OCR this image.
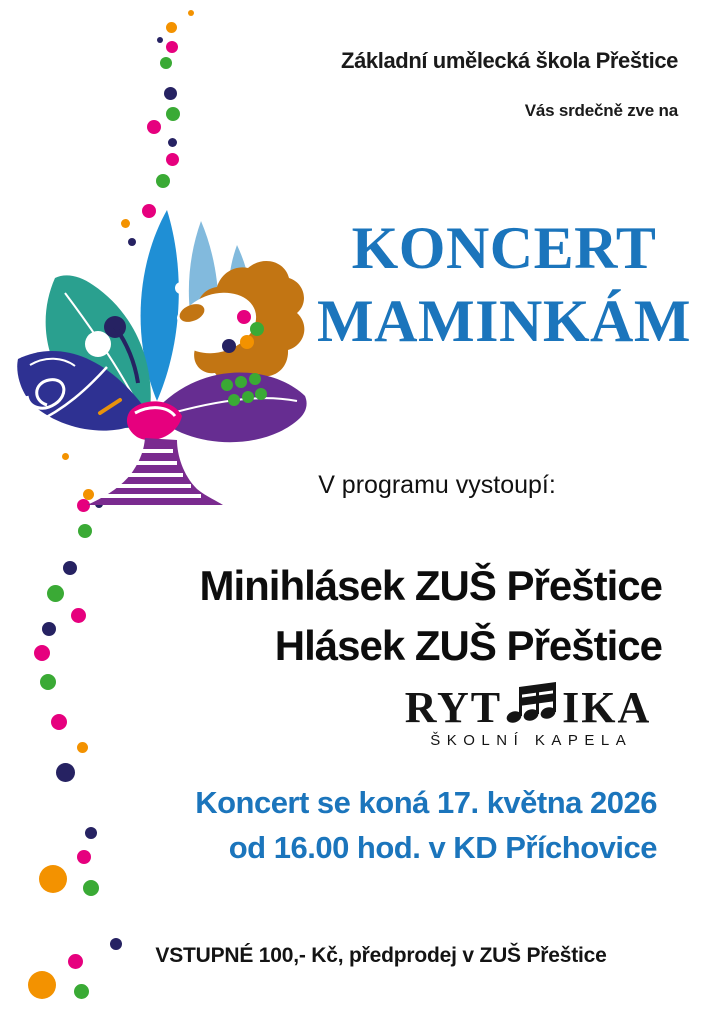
Základní umělecká škola Přeštice
Vás srdečně zve na
KONCERT
MAMINKÁM
V programu vystoupí:
Minihlásek ZUŠ Přeštice
Hlásek ZUŠ Přeštice
RYT IKA
ŠKOLNÍ KAPELA
Koncert se koná 17. května 2026
od 16.00 hod. v KD Příchovice
VSTUPNÉ 100,- Kč, předprodej v ZUŠ Přeštice
